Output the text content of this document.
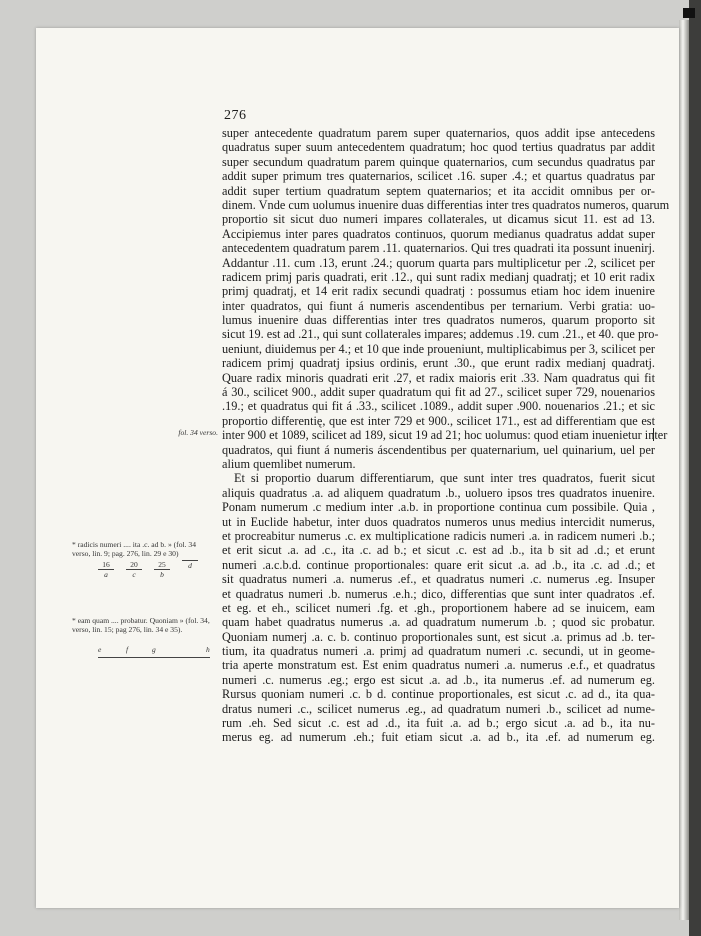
276
fol. 34 verso.
* radicis numeri .... ita .c. ad b. » (fol. 34 verso, lin. 9; pag. 276, lin. 29 e 30)
16
a
20
c
25
b
d
* eam quam .... probatur. Quoniam » (fol. 34, verso, lin. 15; pag 276, lin. 34 e 35).
e	f	g	h
super antecedente quadratum parem super quaternarios, quos addit ipse antecedens
quadratus super suum antecedentem quadratum; hoc quod tertius quadratus par addit
super secundum quadratum parem quinque quaternarios, cum secundus quadratus par
addit super primum tres quaternarios, scilicet .16. super .4.; et quartus quadratus par
addit super tertium quadratum septem quaternarios; et ita accidit omnibus per or-
dinem. Vnde cum uolumus inuenire duas differentias inter tres quadratos numeros, quarum
proportio sit sicut duo numeri impares collaterales, ut dicamus sicut 11. est ad 13.
Accipiemus inter pares quadratos continuos, quorum medianus quadratus addat super
antecedentem quadratum parem .11. quaternarios. Qui tres quadrati ita possunt inuenirj.
Addantur .11. cum .13, erunt .24.; quorum quarta pars multiplicetur per .2, scilicet per
radicem primj paris quadrati, erit .12., qui sunt radix medianj quadratj; et 10 erit radix
primj quadratj, et 14 erit radix secundi quadratj : possumus etiam hoc idem inuenire
inter quadratos, qui fiunt á numeris ascendentibus per ternarium. Verbi gratia: uo-
lumus inuenire duas differentias inter tres quadratos numeros, quarum proporto sit
sicut 19. est ad .21., qui sunt collaterales impares; addemus .19. cum .21., et 40. que pro-
ueniunt, diuidemus per 4.; et 10 que inde proueniunt, multiplicabimus per 3, scilicet per
radicem primj quadratj ipsius ordinis, erunt .30., que erunt radix medianj quadratj.
Quare radix minoris quadrati erit .27, et radix maioris erit .33. Nam quadratus qui fit
á 30., scilicet 900., addit super quadratum qui fit ad 27., scilicet super 729, nouenarios
.19.; et quadratus qui fit á .33., scilicet .1089., addit super .900. nouenarios .21.; et sic
proportio differentię, que est inter 729 et 900., scilicet 171., est ad differentiam que est
inter 900 et 1089, scilicet ad 189, sicut 19 ad 21; hoc uolumus: quod etiam inuenietur inter
quadratos, qui fiunt á numeris áscendentibus per quaternarium, uel quinarium, uel per
alium quemlibet numerum.
Et si proportio duarum differentiarum, que sunt inter tres quadratos, fuerit sicut
aliquis quadratus .a. ad aliquem quadratum .b., uoluero ipsos tres quadratos inuenire.
Ponam numerum .c medium inter .a.b. in proportione continua cum possibile. Quia ,
ut in Euclide habetur, inter duos quadratos numeros unus medius intercidit numerus,
et procreabitur numerus .c. ex multiplicatione radicis numeri .a. in radicem numeri .b.;
et erit sicut .a. ad .c., ita .c. ad b.; et sicut .c. est ad .b., ita b sit ad .d.; et erunt
numeri .a.c.b.d. continue proportionales: quare erit sicut .a. ad .b., ita .c. ad .d.; et
sit quadratus numeri .a. numerus .ef., et quadratus numeri .c. numerus .eg. Insuper
et quadratus numeri .b. numerus .e.h.; dico, differentias que sunt inter quadratos .ef.
et eg. et eh., scilicet numeri .fg. et .gh., proportionem habere ad se inuicem, eam
quam habet quadratus numerus .a. ad quadratum numerum .b. ; quod sic probatur.
Quoniam numerj .a. c. b. continuo proportionales sunt, est sicut .a. primus ad .b. ter-
tium, ita quadratus numeri .a. primj ad quadratum numeri .c. secundi, ut in geome-
tria aperte monstratum est. Est enim quadratus numeri .a. numerus .e.f., et quadratus
numeri .c. numerus .eg.; ergo est sicut .a. ad .b., ita numerus .ef. ad numerum eg.
Rursus quoniam numeri .c. b d. continue proportionales, est sicut .c. ad d., ita qua-
dratus numeri .c., scilicet numerus .eg., ad quadratum numeri .b., scilicet ad nume-
rum .eh. Sed sicut .c. est ad .d., ita fuit .a. ad b.; ergo sicut .a. ad b., ita nu-
merus eg. ad numerum .eh.; fuit etiam sicut .a. ad b., ita .ef. ad numerum eg.
